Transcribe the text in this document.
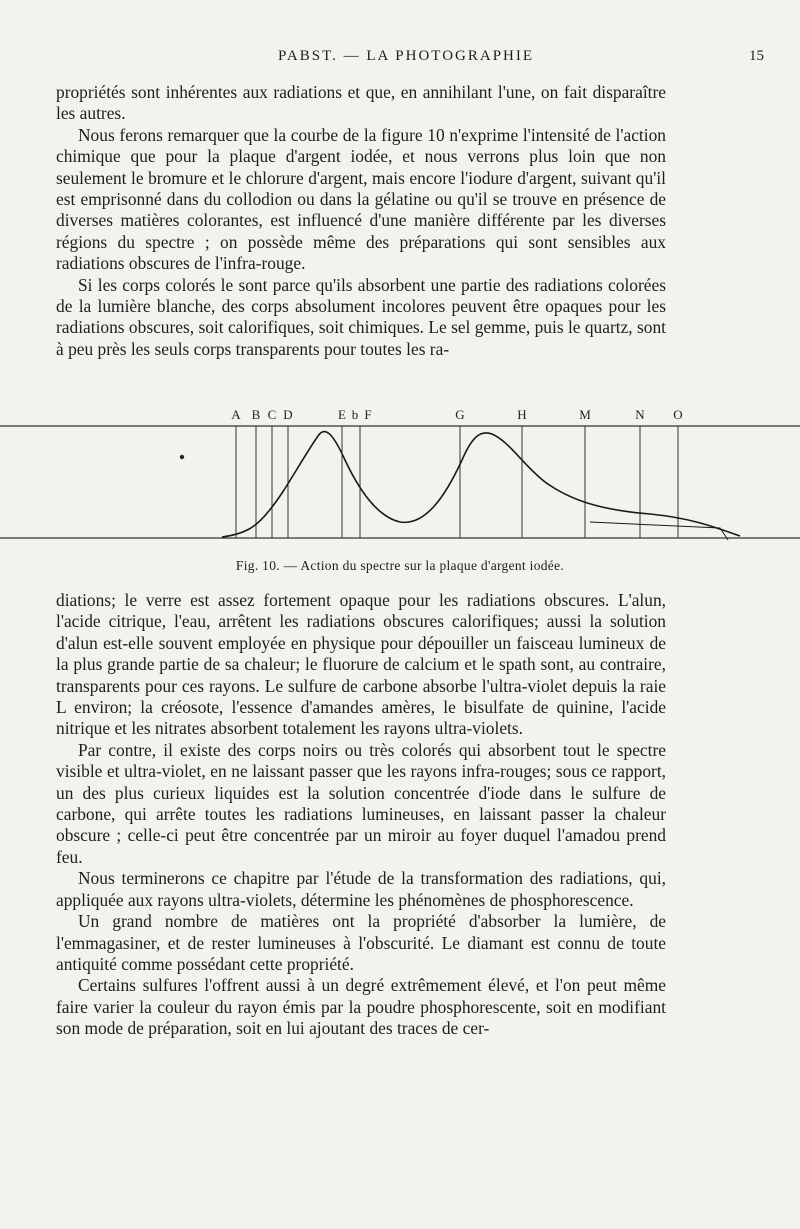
PABST. — LA PHOTOGRAPHIE	15

propriétés sont inhérentes aux radiations et que, en annihilant l'une, on fait disparaître les autres.

Nous ferons remarquer que la courbe de la figure 10 n'exprime l'intensité de l'action chimique que pour la plaque d'argent iodée, et nous verrons plus loin que non seulement le bromure et le chlorure d'argent, mais encore l'iodure d'argent, suivant qu'il est emprisonné dans du collodion ou dans la gélatine ou qu'il se trouve en présence de diverses matières colorantes, est influencé d'une manière différente par les diverses régions du spectre ; on possède même des préparations qui sont sensibles aux radiations obscures de l'infra-rouge.

Si les corps colorés le sont parce qu'ils absorbent une partie des radiations colorées de la lumière blanche, des corps absolument incolores peuvent être opaques pour les radiations obscures, soit calorifiques, soit chimiques. Le sel gemme, puis le quartz, sont à peu près les seuls corps transparents pour toutes les ra-

A B C D	E b F	G	H	M	N O
Fig. 10. — Action du spectre sur la plaque d'argent iodée.

diations; le verre est assez fortement opaque pour les radiations obscures. L'alun, l'acide citrique, l'eau, arrêtent les radiations obscures calorifiques; aussi la solution d'alun est-elle souvent employée en physique pour dépouiller un faisceau lumineux de la plus grande partie de sa chaleur; le fluorure de calcium et le spath sont, au contraire, transparents pour ces rayons. Le sulfure de carbone absorbe l'ultra-violet depuis la raie L environ; la créosote, l'essence d'amandes amères, le bisulfate de quinine, l'acide nitrique et les nitrates absorbent totalement les rayons ultra-violets.

Par contre, il existe des corps noirs ou très colorés qui absorbent tout le spectre visible et ultra-violet, en ne laissant passer que les rayons infra-rouges; sous ce rapport, un des plus curieux liquides est la solution concentrée d'iode dans le sulfure de carbone, qui arrête toutes les radiations lumineuses, en laissant passer la chaleur obscure ; celle-ci peut être concentrée par un miroir au foyer duquel l'amadou prend feu.

Nous terminerons ce chapitre par l'étude de la transformation des radiations, qui, appliquée aux rayons ultra-violets, détermine les phénomènes de phosphorescence.

Un grand nombre de matières ont la propriété d'absorber la lumière, de l'emmagasiner, et de rester lumineuses à l'obscurité. Le diamant est connu de toute antiquité comme possédant cette propriété.

Certains sulfures l'offrent aussi à un degré extrêmement élevé, et l'on peut même faire varier la couleur du rayon émis par la poudre phosphorescente, soit en modifiant son mode de préparation, soit en lui ajoutant des traces de cer-
